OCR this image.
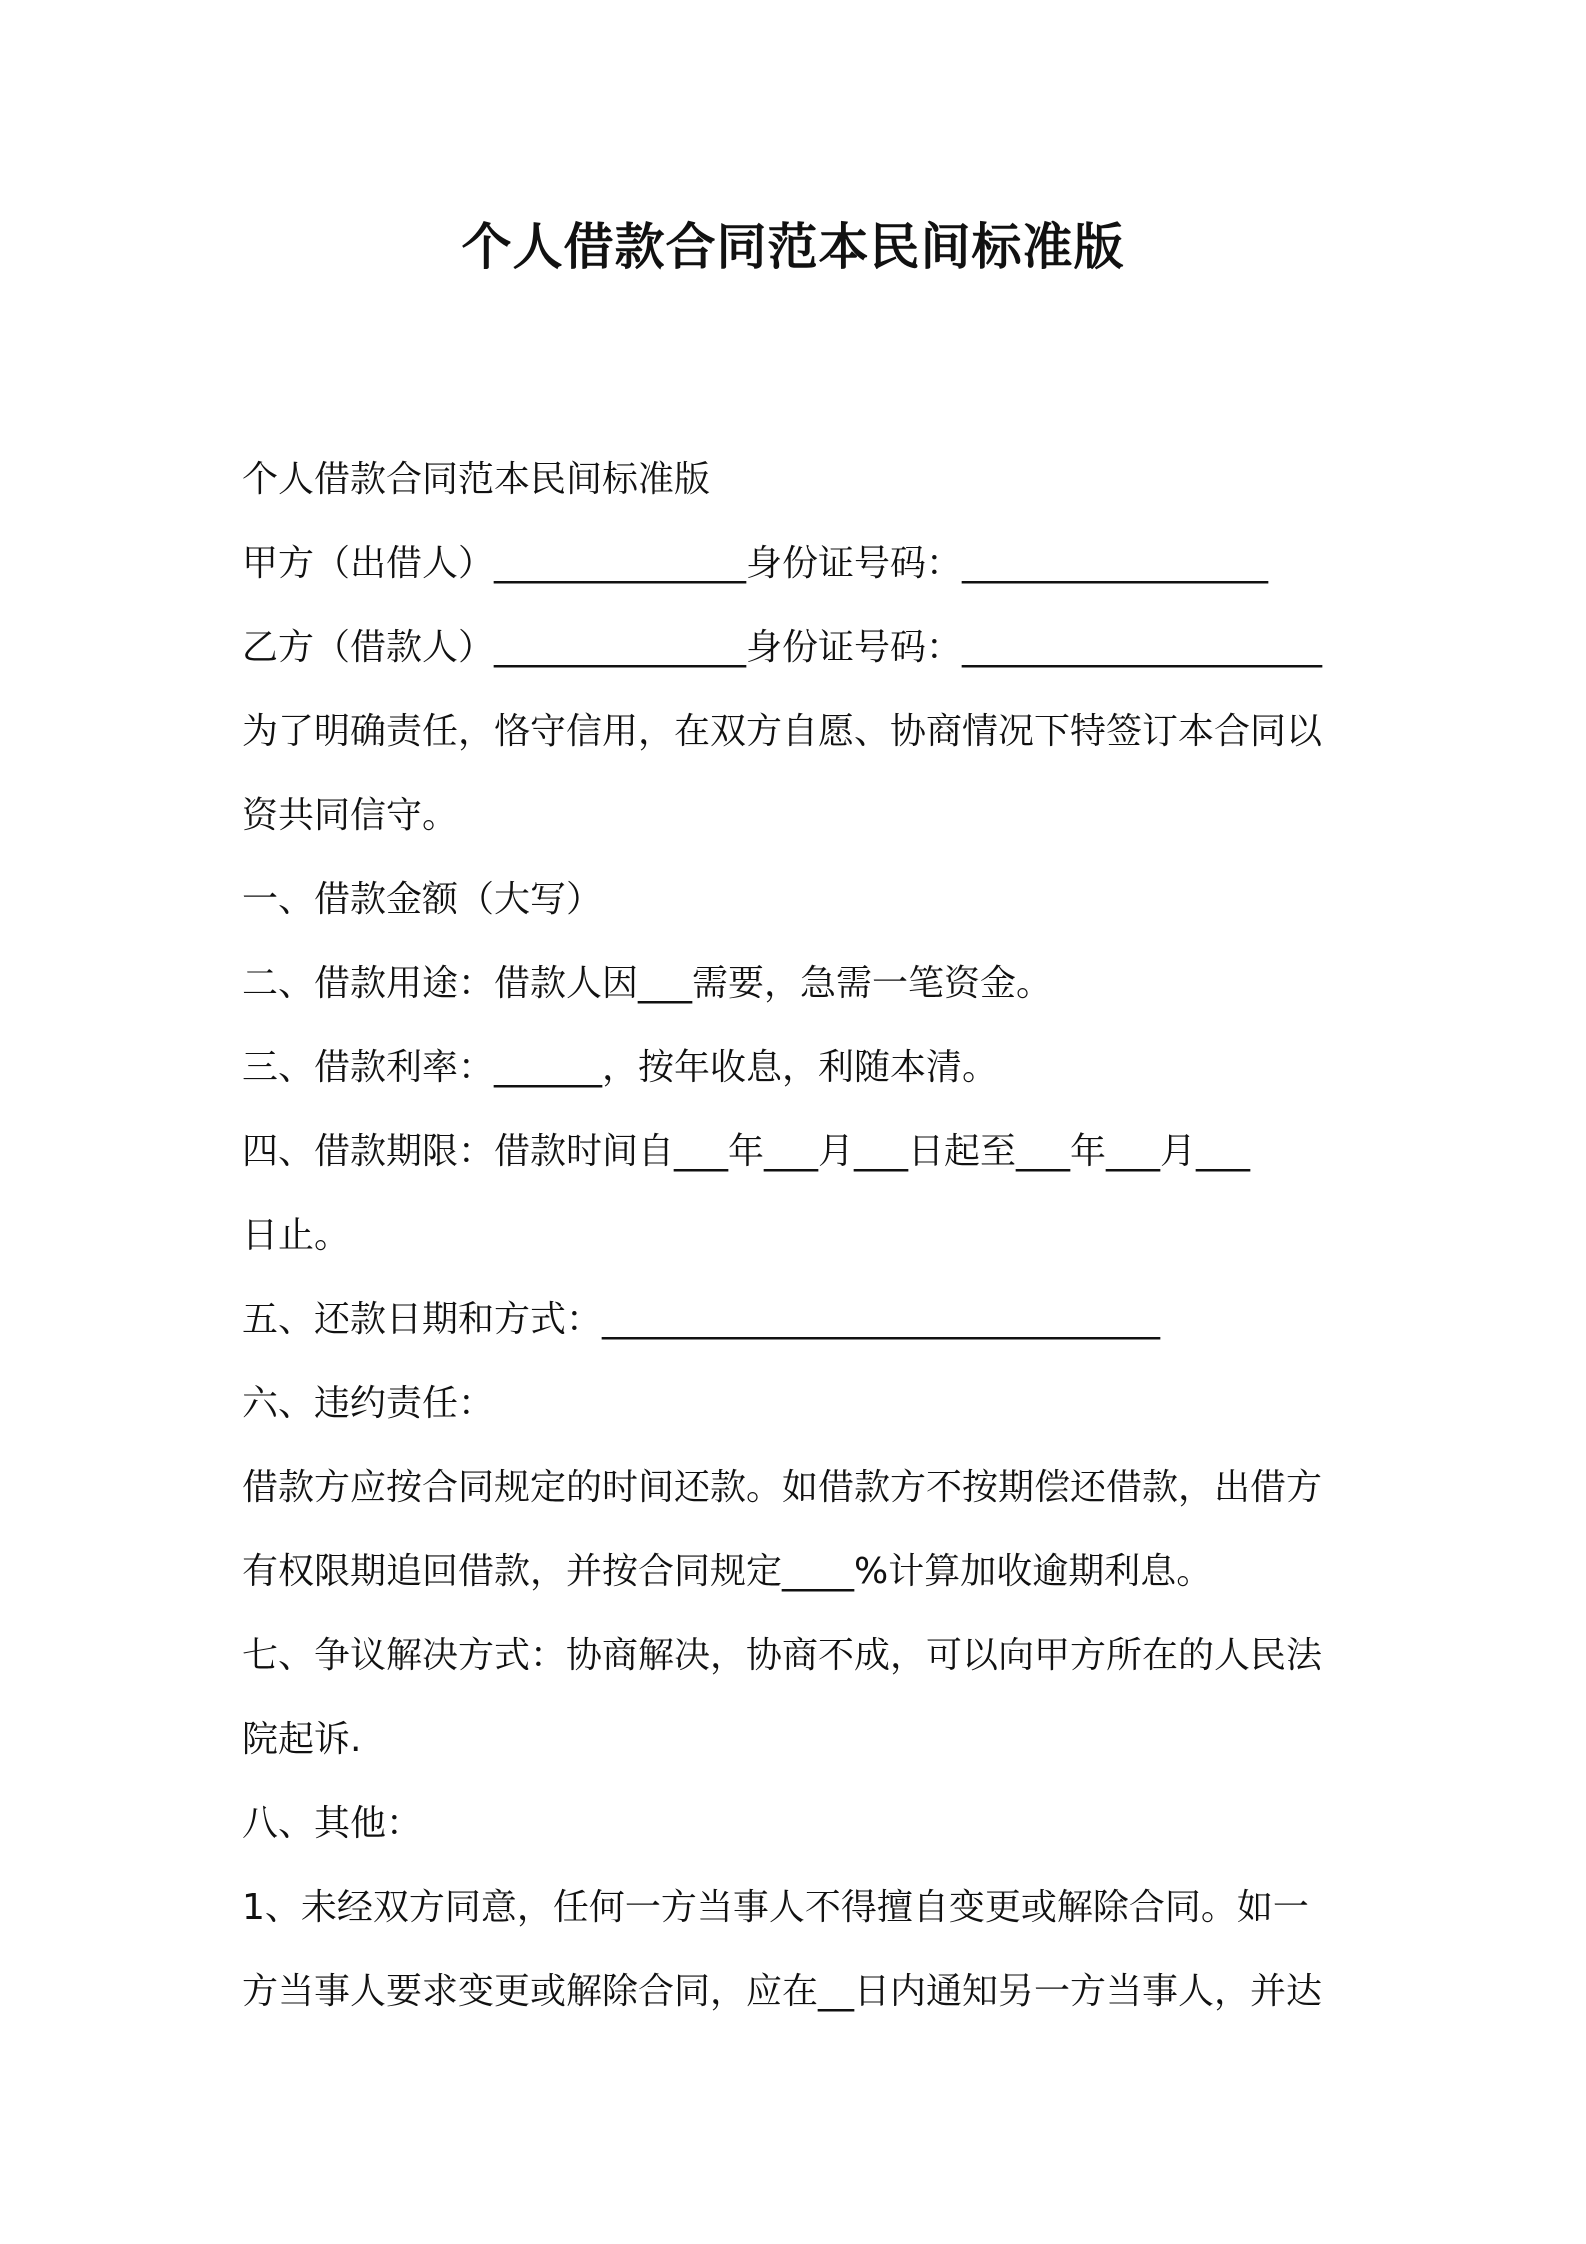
个人借款合同范本民间标准版

个人借款合同范本民间标准版

甲方（出借人）______________身份证号码：_________________

乙方（借款人）______________身份证号码：____________________

为了明确责任，恪守信用，在双方自愿、协商情况下特签订本合同以

资共同信守。

一、借款金额（大写）

二、借款用途：借款人因___需要，急需一笔资金。

三、借款利率：______，按年收息，利随本清。

四、借款期限：借款时间自___年___月___日起至___年___月___

日止。

五、还款日期和方式：_______________________________

六、违约责任：

借款方应按合同规定的时间还款。如借款方不按期偿还借款，出借方

有权限期追回借款，并按合同规定____%计算加收逾期利息。

七、争议解决方式：协商解决，协商不成，可以向甲方所在的人民法

院起诉.

八、其他：

1、未经双方同意，任何一方当事人不得擅自变更或解除合同。如一

方当事人要求变更或解除合同，应在__日内通知另一方当事人，并达
